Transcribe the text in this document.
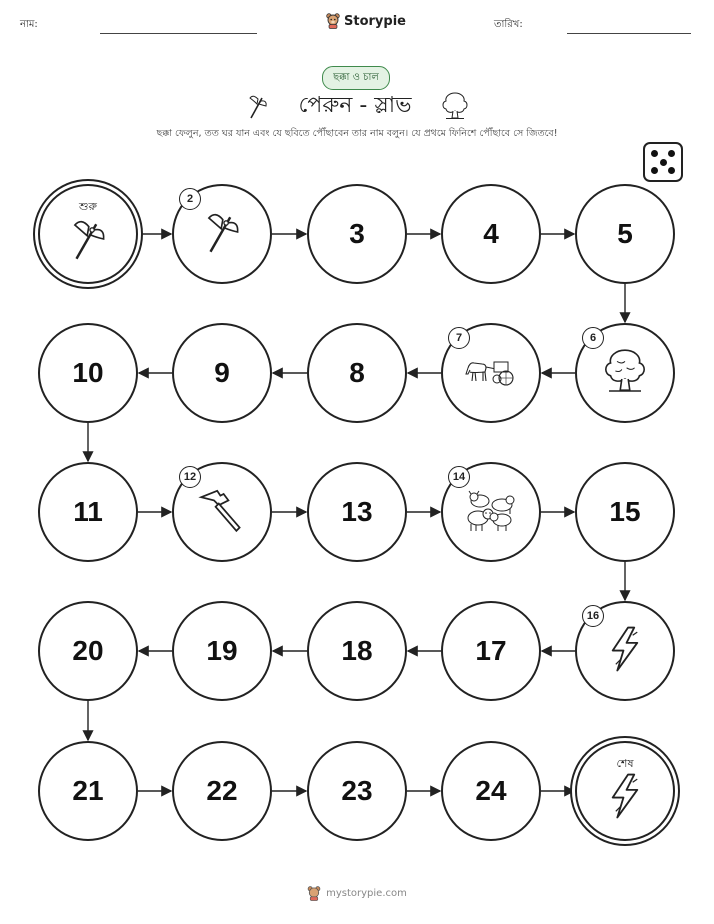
নাম:	Storypie	তারিখ:
ছক্কা ও চাল
পেরুন - স্লাভ
ছক্কা ফেলুন, তত ঘর যান এবং যে ছবিতে পৌঁছাবেন তার নাম বলুন। যে প্রথমে ফিনিশে পৌঁছাবে সে জিতবে!
শুরু
2
3	4	5
6
7
8
9
10
11
12
13
14
15
16
17
18
19
20
21	22	23	24
শেষ
mystorypie.com
